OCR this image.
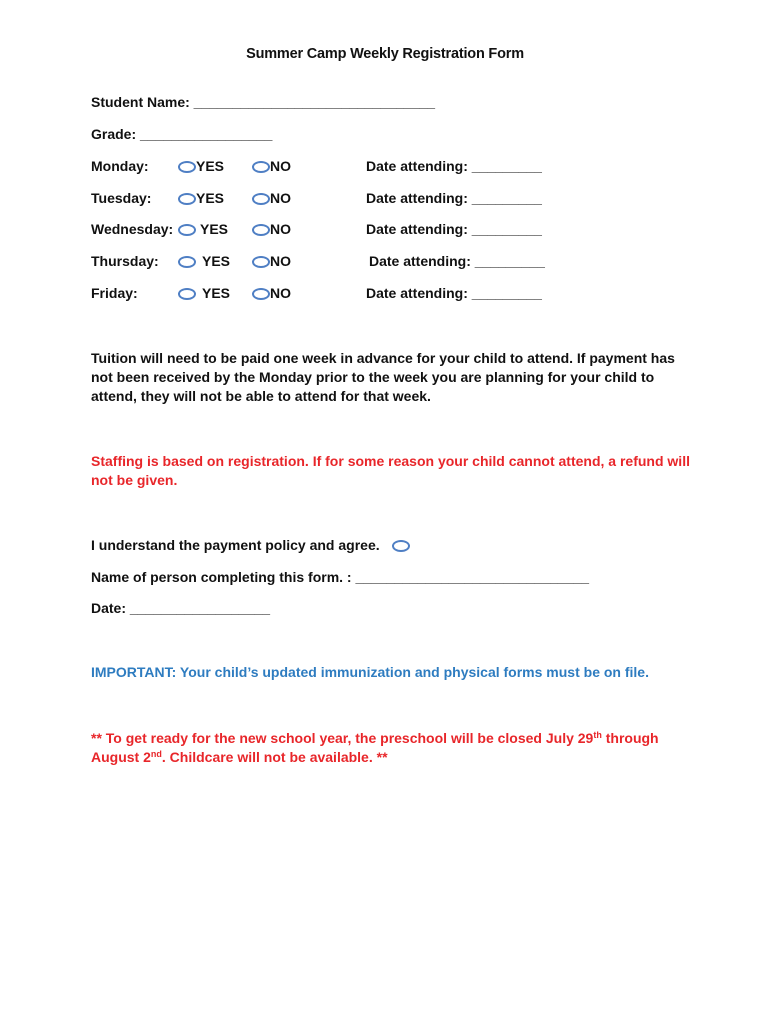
Summer Camp Weekly Registration Form
Student Name: _______________________________
Grade: _________________
Monday:	YES	NO	Date attending: _________
Tuesday:	YES	NO	Date attending: _________
Wednesday:	YES	NO	Date attending: _________
Thursday:	YES	NO	Date attending: _________
Friday:	YES	NO	Date attending: _________
Tuition will need to be paid one week in advance for your child to attend. If payment has not been received by the Monday prior to the week you are planning for your child to attend, they will not be able to attend for that week.
Staffing is based on registration. If for some reason your child cannot attend, a refund will not be given.
I understand the payment policy and agree.
Name of person completing this form. : ______________________________
Date: __________________
IMPORTANT: Your child’s updated immunization and physical forms must be on file.
** To get ready for the new school year, the preschool will be closed July 29th through August 2nd. Childcare will not be available. **
